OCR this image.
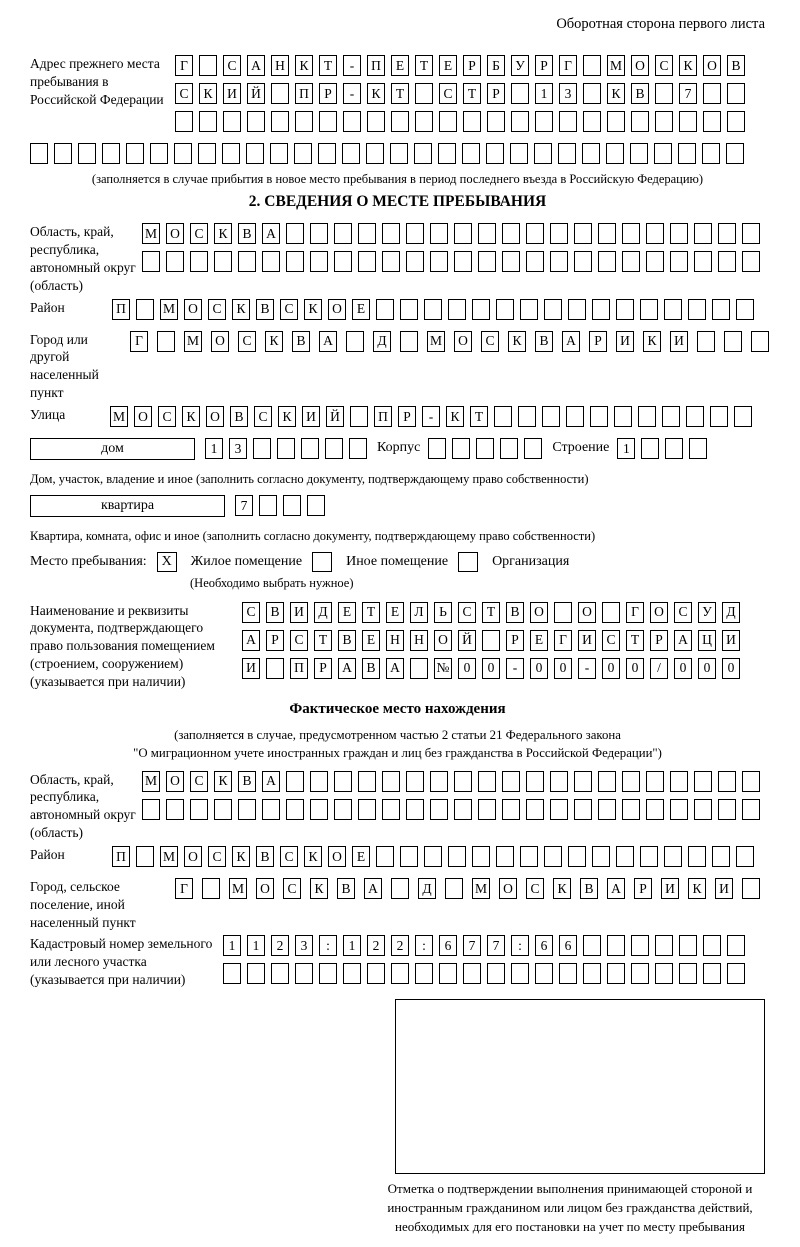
Оборотная сторона первого листа
Адрес прежнего места пребывания в Российской Федерации
Г	С	А	Н	К	Т	-	П	Е	Т	Е	Р	Б	У	Р	Г	М О	С	К	О	В
С	К	И	Й	П	Р	-	К	Т	С	Т	Р	1	3	К	В	7
(заполняется в случае прибытия в новое место пребывания в период последнего въезда в Российскую Федерацию)
2. СВЕДЕНИЯ О МЕСТЕ ПРЕБЫВАНИЯ
Область, край, республика, автономный округ (область)
М О	С	К	В	А
Район	П	М О	С	К	В	С	К	О	Е
Город или другой населенный пункт
Г	М	О	С	К	В	А	Д	М	О	С	К	В	А	Р	И	К	И
Улица	М О	С	К	О	В	С	К	И	Й	П	Р	-	К	Т
дом	1	3	Корпус	Строение	1
Дом, участок, владение и иное (заполнить согласно документу, подтверждающему право собственности)
квартира	7
Квартира, комната, офис и иное (заполнить согласно документу, подтверждающему право собственности)
Место пребывания:	X	Жилое помещение	Иное помещение	Организация
(Необходимо выбрать нужное)
Наименование и реквизиты документа, подтверждающего право пользования помещением (строением, сооружением) (указывается при наличии)
С	В	И	Д	Е	Т	Е	Л	Ь	С	Т	В	О	О	Г	О	С	У	Д
А	Р	С	Т	В	Е	Н	Н	О	Й	Р	Е	Г	И	С	Т	Р	А	Ц	И
И	П	Р	А	В	А	№	0	0	-	0	0	-	0	0	/	0	0	0
Фактическое место нахождения
(заполняется в случае, предусмотренном частью 2 статьи 21 Федерального закона
"О миграционном учете иностранных граждан и лиц без гражданства в Российской Федерации")
Область, край, республика, автономный округ (область)
М О	С	К	В	А
Район	П	М О	С	К	В	С	К	О	Е
Город, сельское поселение, иной населенный пункт
Г	М	О	С	К	В	А	Д	М	О	С	К	В	А	Р	И	К	И
Кадастровый номер земельного или лесного участка (указывается при наличии)
1	1	2	3	:	1	2	2	:	6	7	7	:	6	6
Отметка о подтверждении выполнения принимающей стороной и иностранным гражданином или лицом без гражданства действий, необходимых для его постановки на учет по месту пребывания
